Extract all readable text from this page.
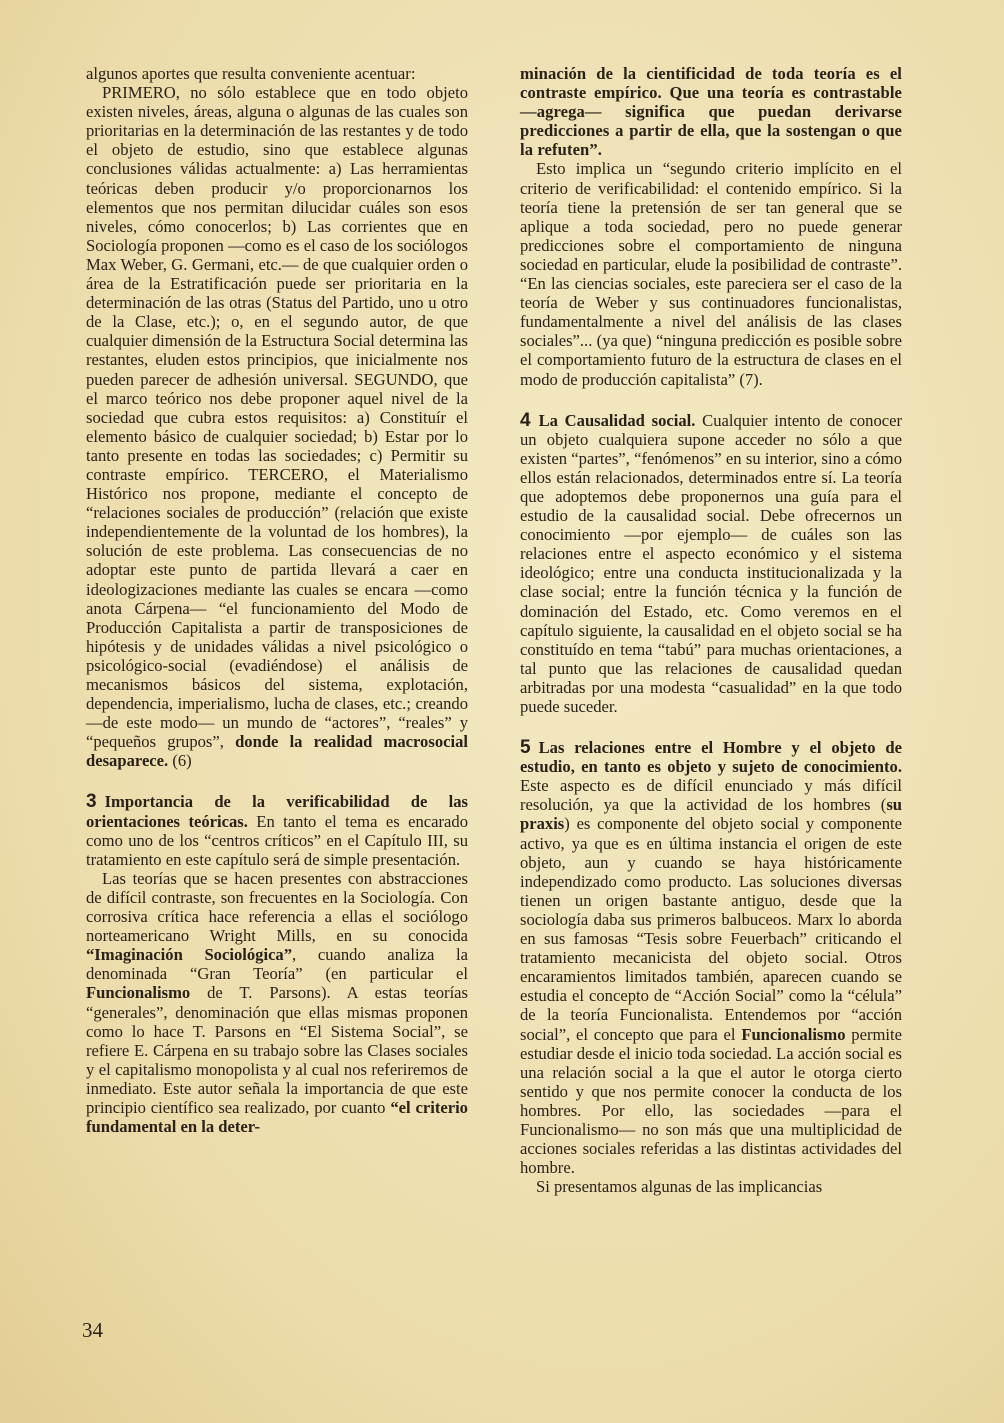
algunos aportes que resulta conveniente acentuar:

PRIMERO, no sólo establece que en todo objeto existen niveles, áreas, alguna o algunas de las cuales son prioritarias en la determinación de las restantes y de todo el objeto de estudio, sino que establece algunas conclusiones válidas actualmente: a) Las herramientas teóricas deben producir y/o proporcionarnos los elementos que nos permitan dilucidar cuáles son esos niveles, cómo conocerlos; b) Las corrientes que en Sociología proponen —como es el caso de los sociólogos Max Weber, G. Germani, etc.— de que cualquier orden o área de la Estratificación puede ser prioritaria en la determinación de las otras (Status del Partido, uno u otro de la Clase, etc.); o, en el segundo autor, de que cualquier dimensión de la Estructura Social determina las restantes, eluden estos principios, que inicialmente nos pueden parecer de adhesión universal. SEGUNDO, que el marco teórico nos debe proponer aquel nivel de la sociedad que cubra estos requisitos: a) Constituír el elemento básico de cualquier sociedad; b) Estar por lo tanto presente en todas las sociedades; c) Permitir su contraste empírico. TERCERO, el Materialismo Histórico nos propone, mediante el concepto de “relaciones sociales de producción” (relación que existe independientemente de la voluntad de los hombres), la solución de este problema. Las consecuencias de no adoptar este punto de partida llevará a caer en ideologizaciones mediante las cuales se encara —como anota Cárpena— “el funcionamiento del Modo de Producción Capitalista a partir de transposiciones de hipótesis y de unidades válidas a nivel psicológico o psicológico-social (evadiéndose) el análisis de mecanismos básicos del sistema, explotación, dependencia, imperialismo, lucha de clases, etc.; creando —de este modo— un mundo de “actores”, “reales” y “pequeños grupos”, donde la realidad macrosocial desaparece. (6)

3 Importancia de la verificabilidad de las orientaciones teóricas. En tanto el tema es encarado como uno de los “centros críticos” en el Capítulo III, su tratamiento en este capítulo será de simple presentación.

Las teorías que se hacen presentes con abstracciones de difícil contraste, son frecuentes en la Sociología. Con corrosiva crítica hace referencia a ellas el sociólogo norteamericano Wright Mills, en su conocida “Imaginación Sociológica”, cuando analiza la denominada “Gran Teoría” (en particular el Funcionalismo de T. Parsons). A estas teorías “generales”, denominación que ellas mismas proponen como lo hace T. Parsons en “El Sistema Social”, se refiere E. Cárpena en su trabajo sobre las Clases sociales y el capitalismo monopolista y al cual nos referiremos de inmediato. Este autor señala la importancia de que este principio científico sea realizado, por cuanto “el criterio fundamental en la deter-

minación de la cientificidad de toda teoría es el contraste empírico. Que una teoría es contrastable —agrega— significa que puedan derivarse predicciones a partir de ella, que la sostengan o que la refuten”.

Esto implica un “segundo criterio implícito en el criterio de verificabilidad: el contenido empírico. Si la teoría tiene la pretensión de ser tan general que se aplique a toda sociedad, pero no puede generar predicciones sobre el comportamiento de ninguna sociedad en particular, elude la posibilidad de contraste”. “En las ciencias sociales, este pareciera ser el caso de la teoría de Weber y sus continuadores funcionalistas, fundamentalmente a nivel del análisis de las clases sociales”... (ya que) “ninguna predicción es posible sobre el comportamiento futuro de la estructura de clases en el modo de producción capitalista” (7).

4 La Causalidad social. Cualquier intento de conocer un objeto cualquiera supone acceder no sólo a que existen “partes”, “fenómenos” en su interior, sino a cómo ellos están relacionados, determinados entre sí. La teoría que adoptemos debe proponernos una guía para el estudio de la causalidad social. Debe ofrecernos un conocimiento —por ejemplo— de cuáles son las relaciones entre el aspecto económico y el sistema ideológico; entre una conducta institucionalizada y la clase social; entre la función técnica y la función de dominación del Estado, etc. Como veremos en el capítulo siguiente, la causalidad en el objeto social se ha constituído en tema “tabú” para muchas orientaciones, a tal punto que las relaciones de causalidad quedan arbitradas por una modesta “casualidad” en la que todo puede suceder.

5 Las relaciones entre el Hombre y el objeto de estudio, en tanto es objeto y sujeto de conocimiento. Este aspecto es de difícil enunciado y más difícil resolución, ya que la actividad de los hombres (su praxis) es componente del objeto social y componente activo, ya que es en última instancia el origen de este objeto, aun y cuando se haya históricamente independizado como producto. Las soluciones diversas tienen un origen bastante antiguo, desde que la sociología daba sus primeros balbuceos. Marx lo aborda en sus famosas “Tesis sobre Feuerbach” criticando el tratamiento mecanicista del objeto social. Otros encaramientos limitados también, aparecen cuando se estudia el concepto de “Acción Social” como la “célula” de la teoría Funcionalista. Entendemos por “acción social”, el concepto que para el Funcionalismo permite estudiar desde el inicio toda sociedad. La acción social es una relación social a la que el autor le otorga cierto sentido y que nos permite conocer la conducta de los hombres. Por ello, las sociedades —para el Funcionalismo— no son más que una multiplicidad de acciones sociales referidas a las distintas actividades del hombre.

Si presentamos algunas de las implicancias

34
